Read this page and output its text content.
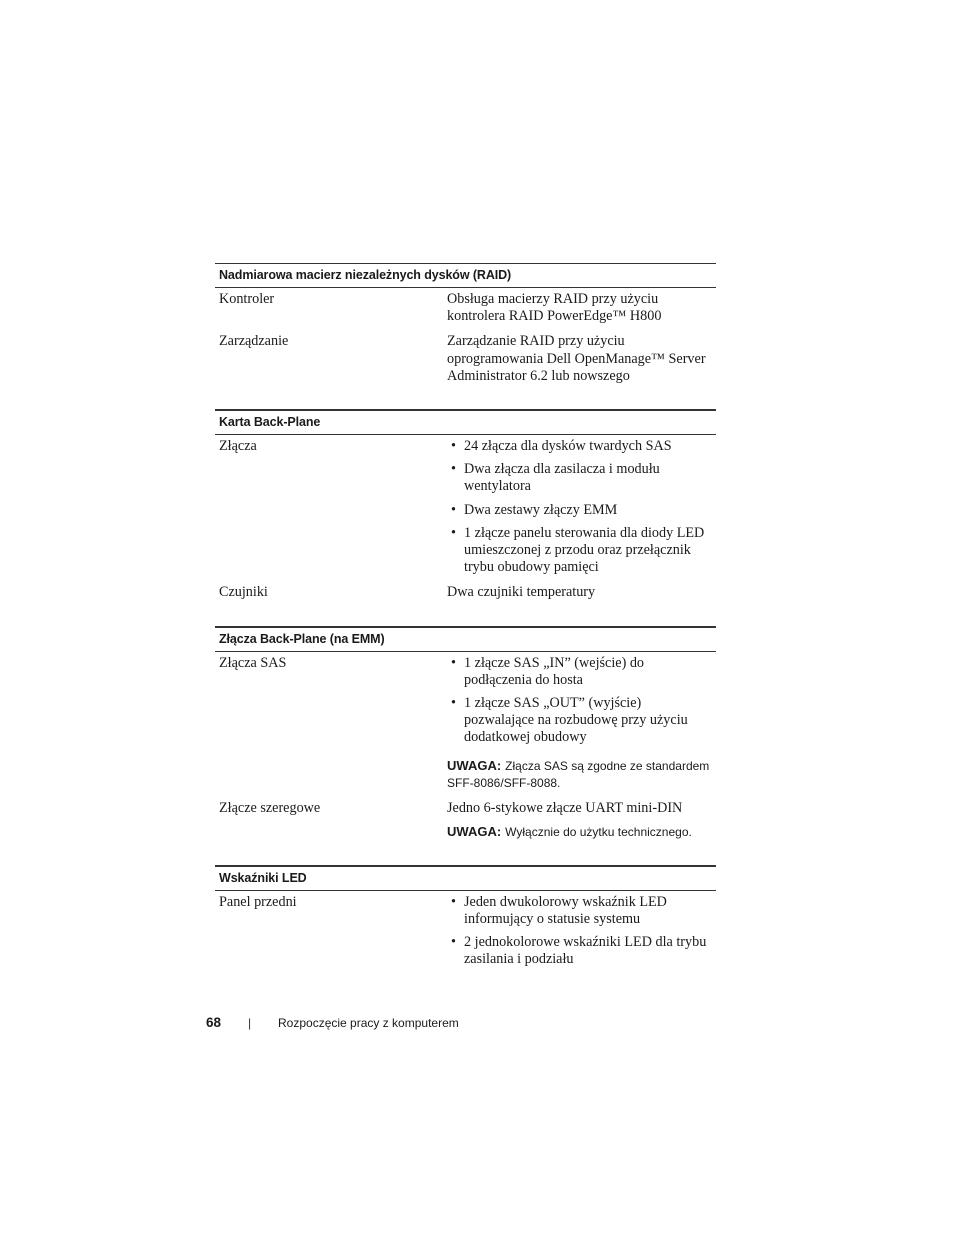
Nadmiarowa macierz niezależnych dysków (RAID)
Kontroler	Obsługa macierzy RAID przy użyciu kontrolera RAID PowerEdge™ H800
Zarządzanie	Zarządzanie RAID przy użyciu oprogramowania Dell OpenManage™ Server Administrator 6.2 lub nowszego
Karta Back-Plane
Złącza	• 24 złącza dla dysków twardych SAS
• Dwa złącza dla zasilacza i modułu wentylatora
• Dwa zestawy złączy EMM
• 1 złącze panelu sterowania dla diody LED umieszczonej z przodu oraz przełącznik trybu obudowy pamięci
Czujniki	Dwa czujniki temperatury
Złącza Back-Plane (na EMM)
Złącza SAS	• 1 złącze SAS „IN” (wejście) do podłączenia do hosta
• 1 złącze SAS „OUT” (wyjście) pozwalające na rozbudowę przy użyciu dodatkowej obudowy
UWAGA: Złącza SAS są zgodne ze standardem SFF-8086/SFF-8088.
Złącze szeregowe	Jedno 6-stykowe złącze UART mini-DIN
UWAGA: Wyłącznie do użytku technicznego.
Wskaźniki LED
Panel przedni	• Jeden dwukolorowy wskaźnik LED informujący o statusie systemu
• 2 jednokolorowe wskaźniki LED dla trybu zasilania i podziału
68	|	Rozpoczęcie pracy z komputerem
